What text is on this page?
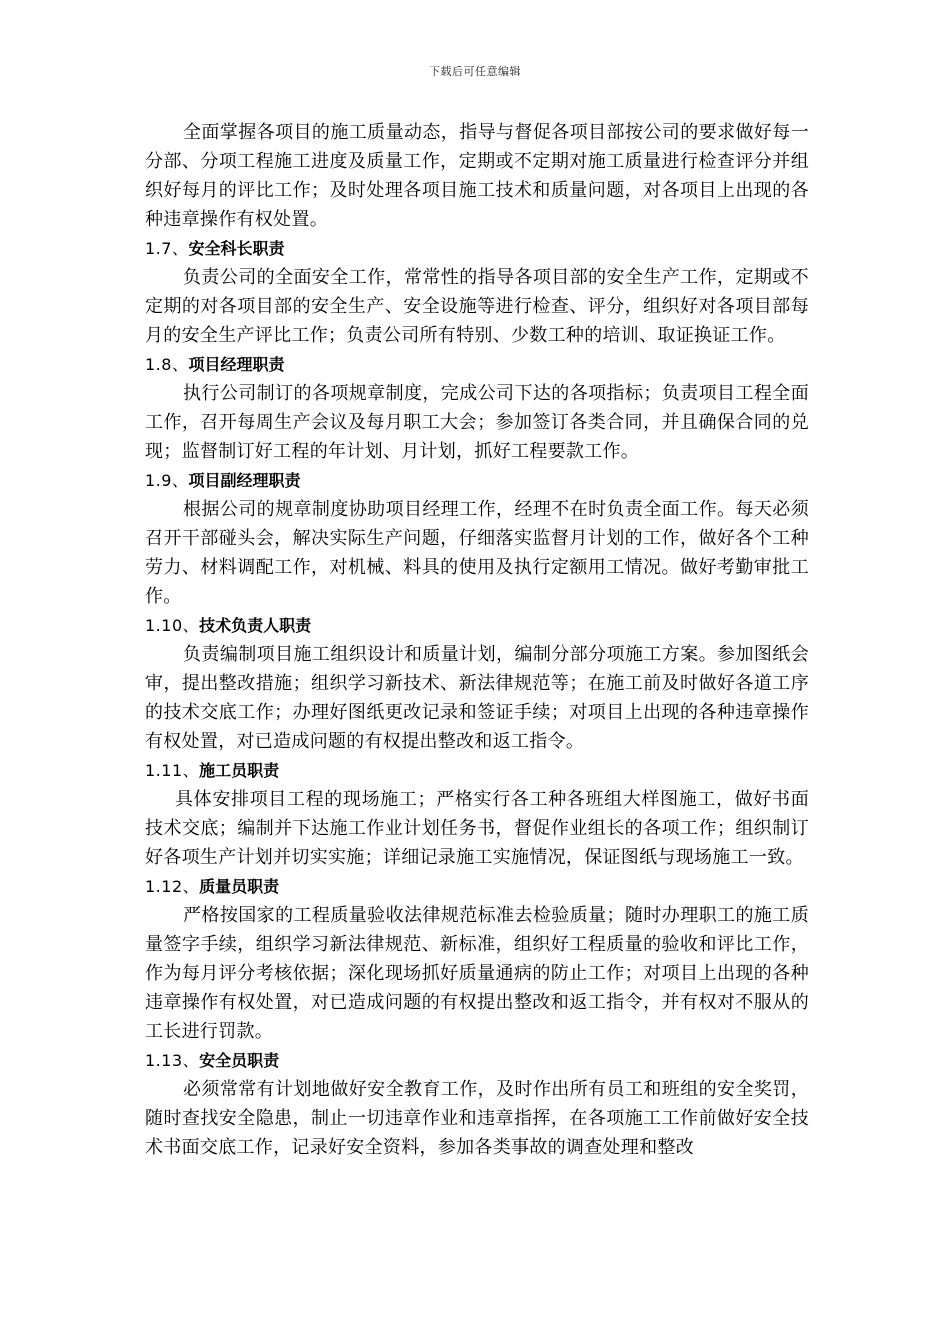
下载后可任意编辑

全面掌握各项目的施工质量动态，指导与督促各项目部按公司的要求做好每一分部、分项工程施工进度及质量工作，定期或不定期对施工质量进行检查评分并组织好每月的评比工作；及时处理各项目施工技术和质量问题，对各项目上出现的各种违章操作有权处置。

1.7、安全科长职责

负责公司的全面安全工作，常常性的指导各项目部的安全生产工作，定期或不定期的对各项目部的安全生产、安全设施等进行检查、评分，组织好对各项目部每月的安全生产评比工作；负责公司所有特别、少数工种的培训、取证换证工作。

1.8、项目经理职责

执行公司制订的各项规章制度，完成公司下达的各项指标；负责项目工程全面工作，召开每周生产会议及每月职工大会；参加签订各类合同，并且确保合同的兑现；监督制订好工程的年计划、月计划，抓好工程要款工作。

1.9、项目副经理职责

根据公司的规章制度协助项目经理工作，经理不在时负责全面工作。每天必须召开干部碰头会，解决实际生产问题，仔细落实监督月计划的工作，做好各个工种劳力、材料调配工作，对机械、料具的使用及执行定额用工情况。做好考勤审批工作。

1.10、技术负责人职责

负责编制项目施工组织设计和质量计划，编制分部分项施工方案。参加图纸会审，提出整改措施；组织学习新技术、新法律规范等；在施工前及时做好各道工序的技术交底工作；办理好图纸更改记录和签证手续；对项目上出现的各种违章操作有权处置，对已造成问题的有权提出整改和返工指令。

1.11、施工员职责

具体安排项目工程的现场施工；严格实行各工种各班组大样图施工，做好书面技术交底；编制并下达施工作业计划任务书，督促作业组长的各项工作；组织制订好各项生产计划并切实实施；详细记录施工实施情况，保证图纸与现场施工一致。

1.12、质量员职责

严格按国家的工程质量验收法律规范标准去检验质量；随时办理职工的施工质量签字手续，组织学习新法律规范、新标准，组织好工程质量的验收和评比工作，作为每月评分考核依据；深化现场抓好质量通病的防止工作；对项目上出现的各种违章操作有权处置，对已造成问题的有权提出整改和返工指令，并有权对不服从的工长进行罚款。

1.13、安全员职责

必须常常有计划地做好安全教育工作，及时作出所有员工和班组的安全奖罚，随时查找安全隐患，制止一切违章作业和违章指挥，在各项施工工作前做好安全技术书面交底工作，记录好安全资料，参加各类事故的调查处理和整改
